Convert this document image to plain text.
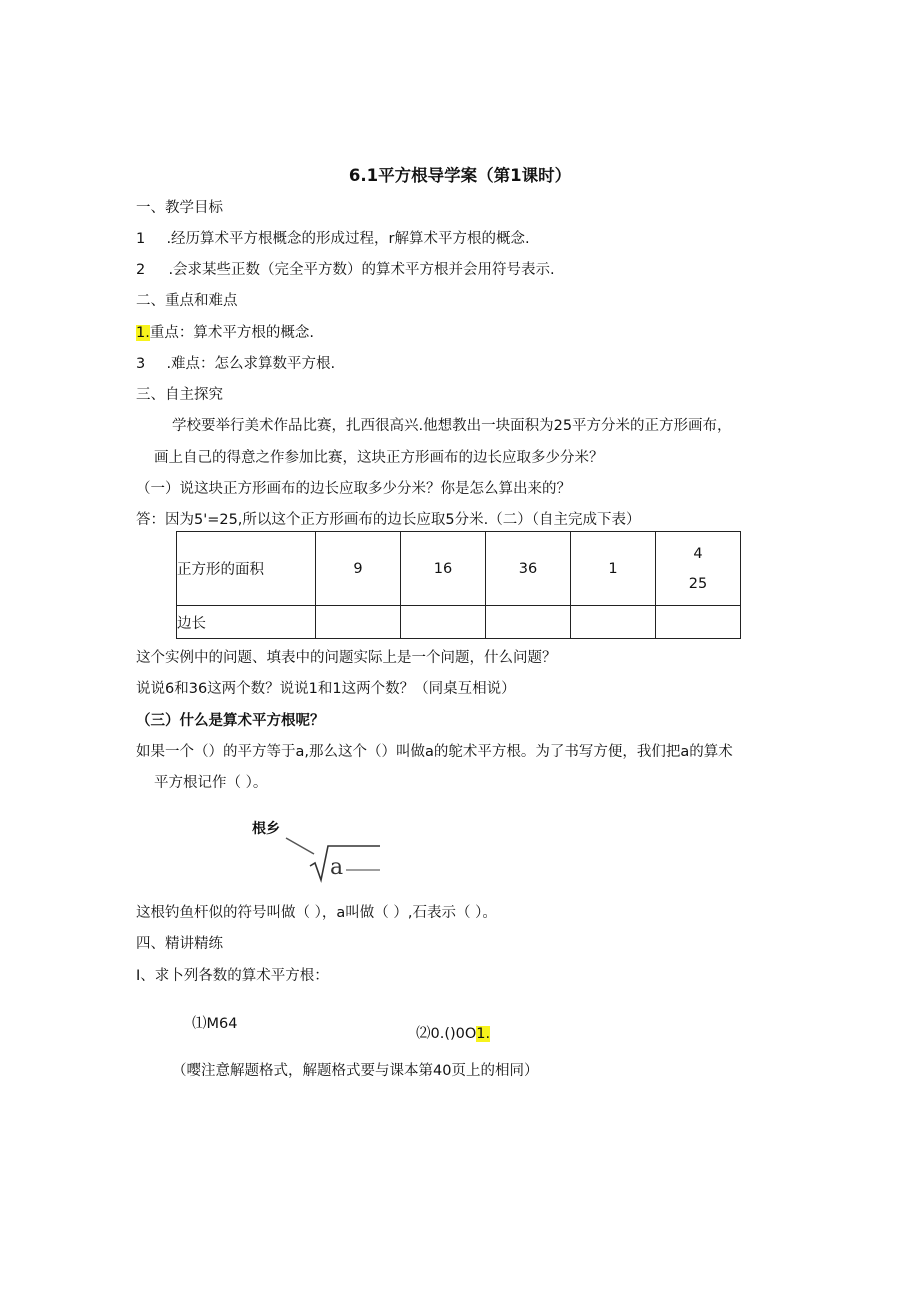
6.1平方根导学案（第1课时）
一、教学目标
1 .经历算术平方根概念的形成过程，r解算术平方根的概念.
2 .会求某些正数（完全平方数）的算术平方根并会用符号表示.
二、重点和难点
1.重点：算术平方根的概念.
3 .难点：怎么求算数平方根.
三、自主探究
学校要举行美术作品比赛，扎西很高兴.他想教出一块面积为25平方分米的正方形画布，
画上自己的得意之作参加比赛，这块正方形画布的边长应取多少分米？
（一）说这块正方形画布的边长应取多少分米？你是怎么算出来的？
答：因为5'=25,所以这个正方形画布的边长应取5分米.（二）（自主完成下表）
正方形的面积	9	16	36	1	4
25

边长					
这个实例中的问题、填表中的问题实际上是一个问题，什么问题？
说说6和36这两个数？说说1和1这两个数？（同桌互相说）
（三）什么是算术平方根呢？
如果一个（）的平方等于a,那么这个（）叫做a的鸵术平方根。为了书写方便，我们把a的算术
平方根记作（ ）。
根乡
a
这根钓鱼杆似的符号叫做（ ），a叫做（ ）,石表示（ ）。
四、精讲精练
I、求卜列各数的算术平方根：
⑴M64
⑵0.()0O1.
（嘤注意解题格式，解题格式要与课本第40页上的相同）
